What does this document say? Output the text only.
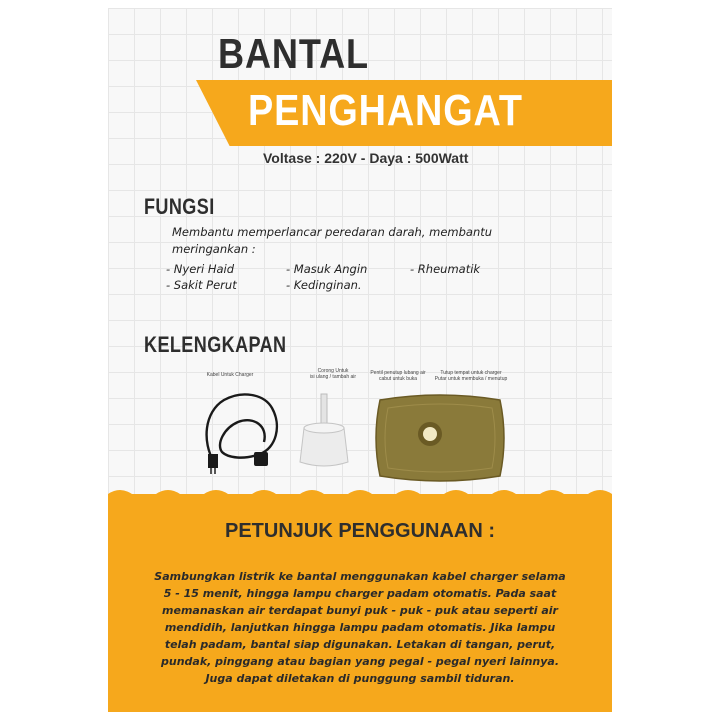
BANTAL
PENGHANGAT
Voltase : 220V - Daya : 500Watt
FUNGSI
Membantu memperlancar peredaran darah, membantu
meringankan :
- Nyeri Haid	- Masuk Angin	- Rheumatik
- Sakit Perut	- Kedinginan.
KELENGKAPAN
Kabel Untuk Charger
Corong Untuk
isi ulang / tambah air
Pentil penutup lubang air
cabut untuk buka
Tutup tempat untuk charger
Putar untuk membuka / menutup
PETUNJUK PENGGUNAAN :
Sambungkan listrik ke bantal menggunakan kabel charger selama
5 - 15 menit, hingga lampu charger padam otomatis. Pada saat
memanaskan air terdapat bunyi puk - puk - puk atau seperti air
mendidih, lanjutkan hingga lampu padam otomatis. Jika lampu
telah padam, bantal siap digunakan. Letakan di tangan, perut,
pundak, pinggang atau bagian yang pegal - pegal nyeri lainnya.
Juga dapat diletakan di punggung sambil tiduran.
